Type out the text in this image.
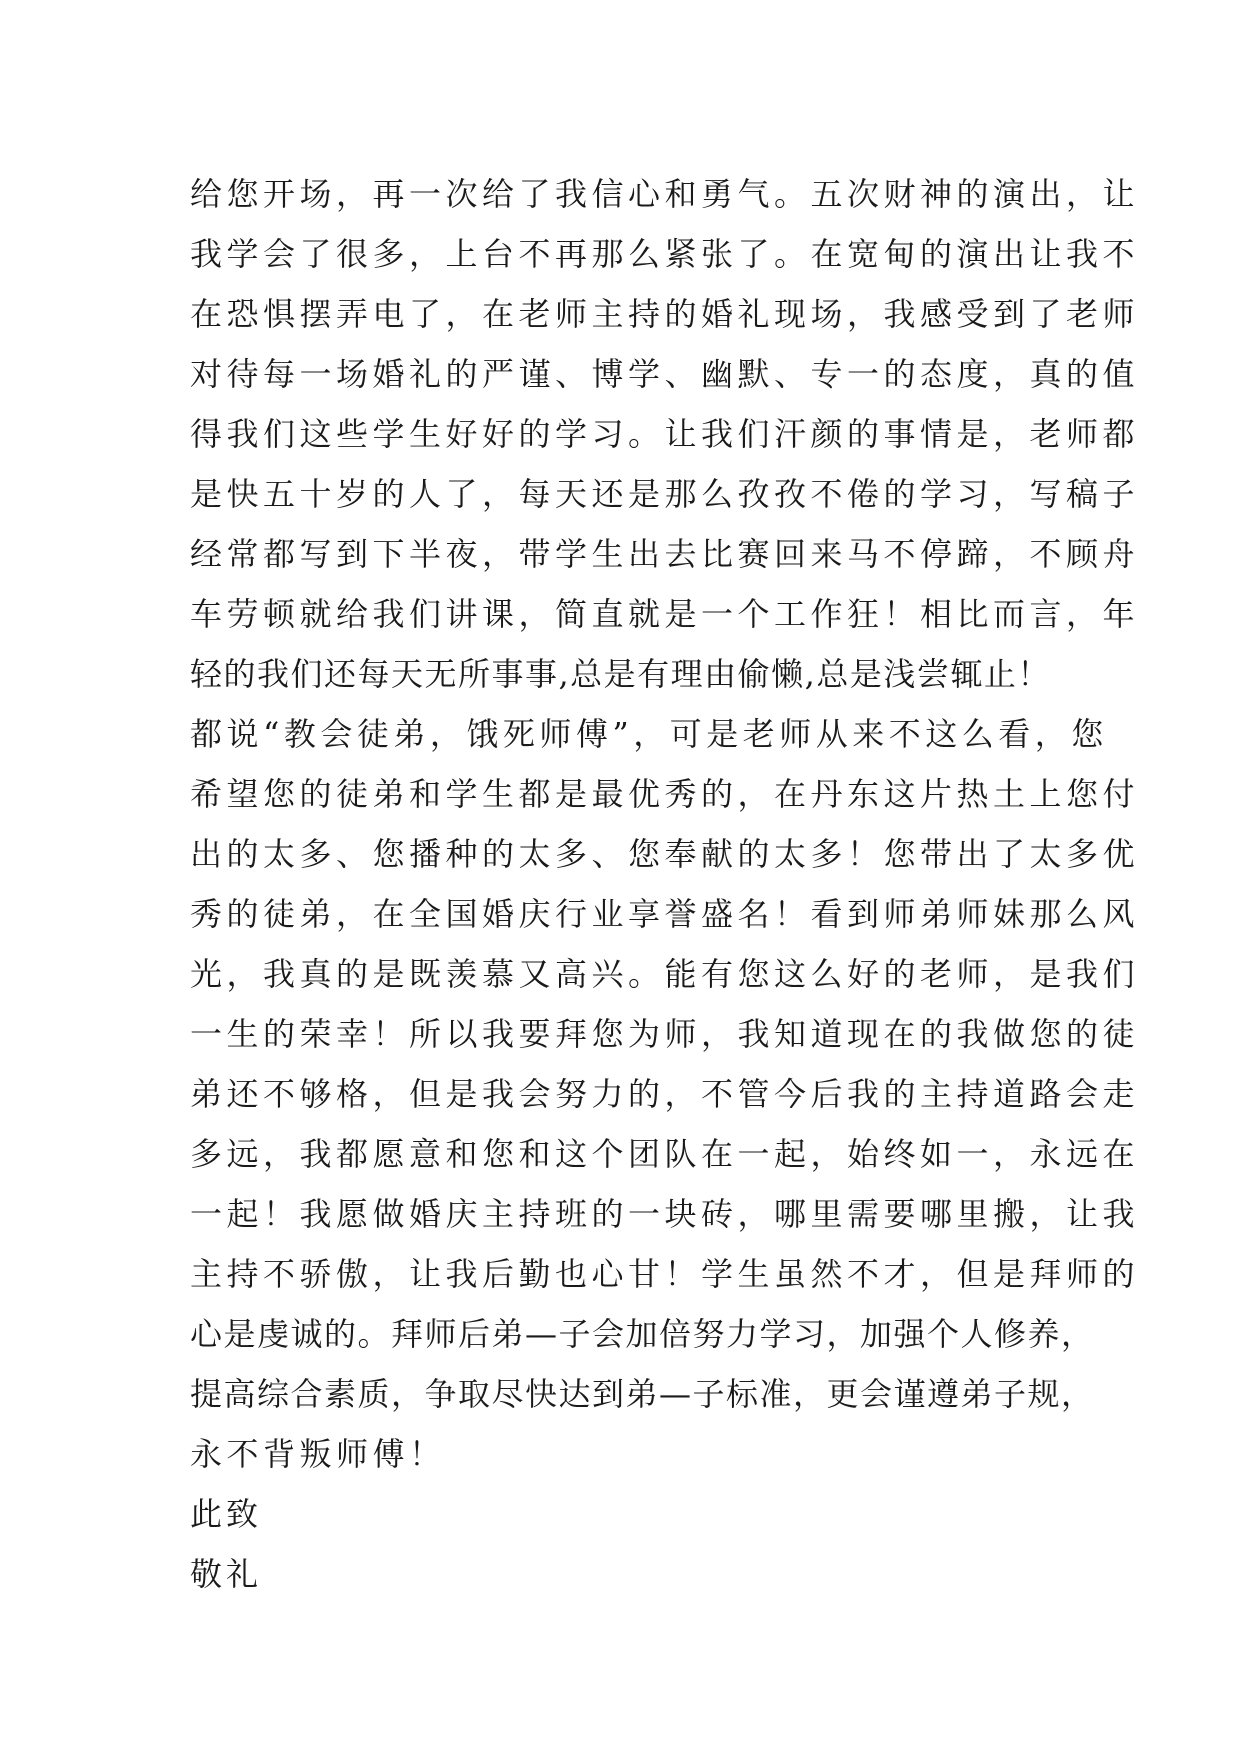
给您开场，再一次给了我信心和勇气。五次财神的演出，让
我学会了很多，上台不再那么紧张了。在宽甸的演出让我不
在恐惧摆弄电了，在老师主持的婚礼现场，我感受到了老师
对待每一场婚礼的严谨、博学、幽默、专一的态度，真的值
得我们这些学生好好的学习。让我们汗颜的事情是，老师都
是快五十岁的人了，每天还是那么孜孜不倦的学习，写稿子
经常都写到下半夜，带学生出去比赛回来马不停蹄，不顾舟
车劳顿就给我们讲课，简直就是一个工作狂！相比而言，年
轻的我们还每天无所事事,总是有理由偷懒,总是浅尝辄止！
都说“教会徒弟，饿死师傅”，可是老师从来不这么看，您
希望您的徒弟和学生都是最优秀的，在丹东这片热土上您付
出的太多、您播种的太多、您奉献的太多！您带出了太多优
秀的徒弟，在全国婚庆行业享誉盛名！看到师弟师妹那么风
光，我真的是既羡慕又高兴。能有您这么好的老师，是我们
一生的荣幸！所以我要拜您为师，我知道现在的我做您的徒
弟还不够格，但是我会努力的，不管今后我的主持道路会走
多远，我都愿意和您和这个团队在一起，始终如一，永远在
一起！我愿做婚庆主持班的一块砖，哪里需要哪里搬，让我
主持不骄傲，让我后勤也心甘！学生虽然不才，但是拜师的
心是虔诚的。拜师后弟—子会加倍努力学习，加强个人修养，
提高综合素质，争取尽快达到弟—子标准，更会谨遵弟子规，
永不背叛师傅！
此致
敬礼
